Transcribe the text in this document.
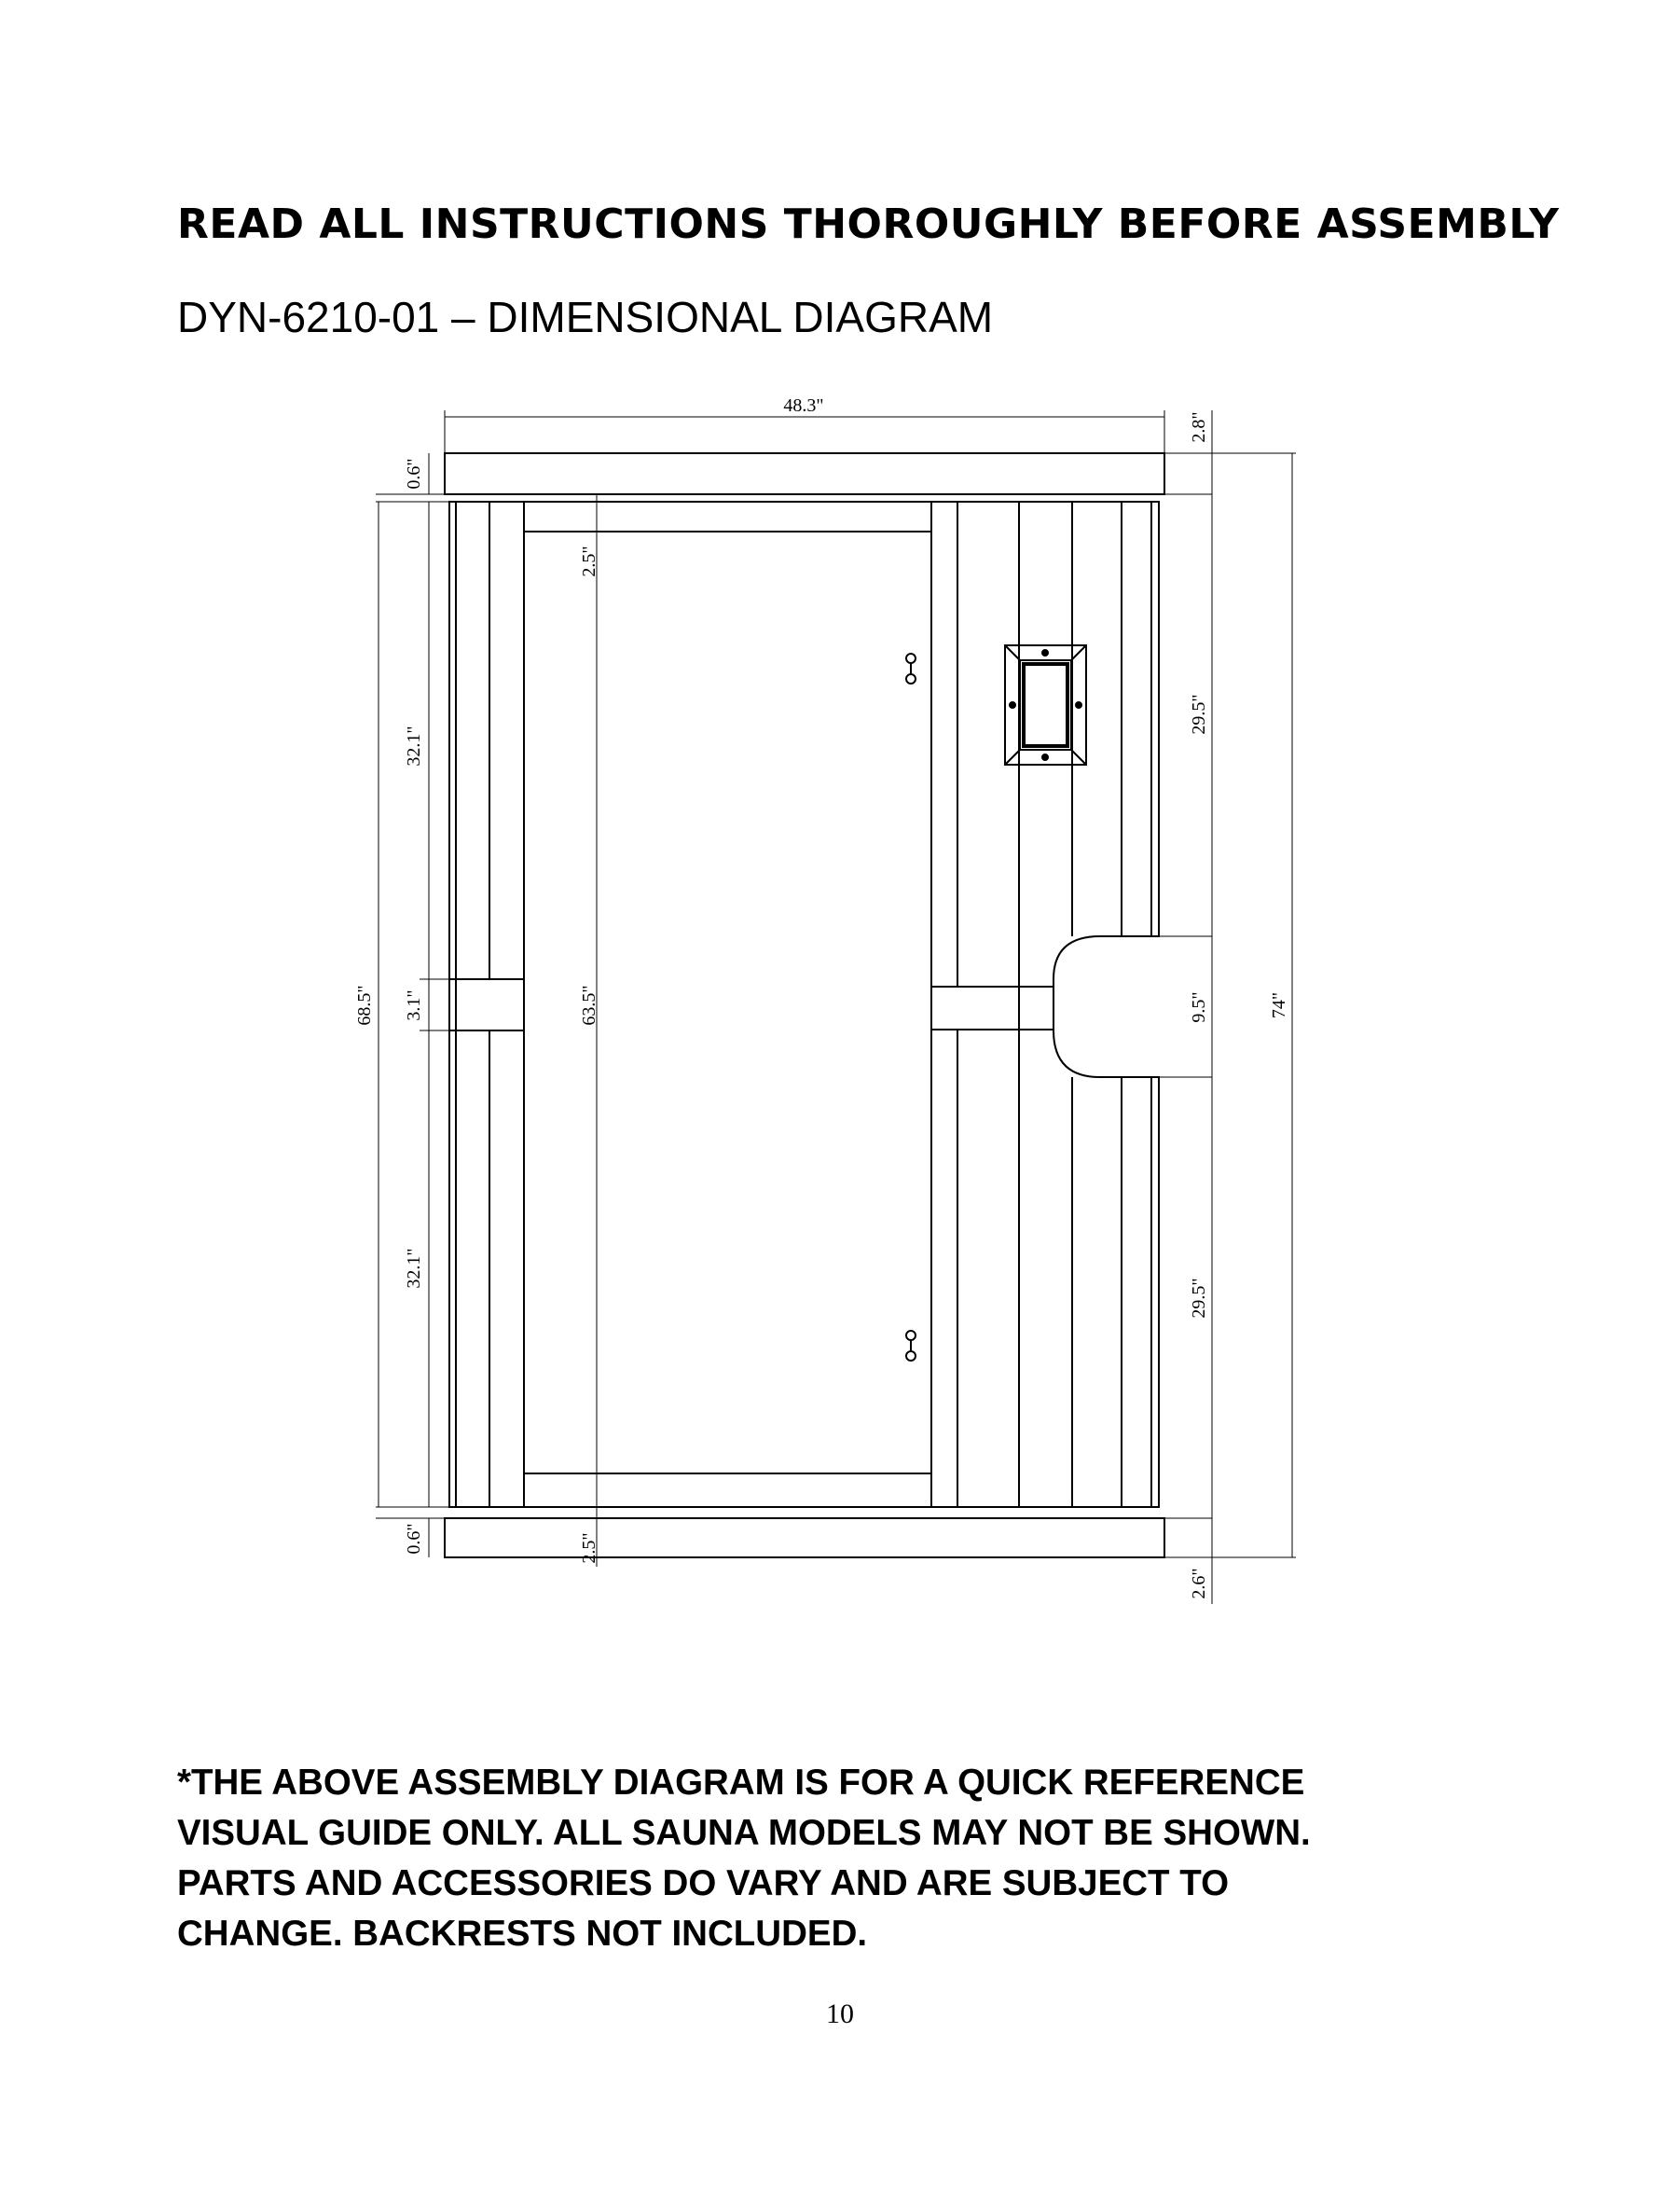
READ ALL INSTRUCTIONS THOROUGHLY BEFORE ASSEMBLY
DYN-6210-01 – DIMENSIONAL DIAGRAM
48.3"
0.6"
2.8"
32.1"
3.1"
32.1"
68.5"
0.6"
2.5"
63.5"
2.5"
29.5"
9.5"
29.5"
2.6"
74"
*THE ABOVE ASSEMBLY DIAGRAM IS FOR A QUICK REFERENCE
VISUAL GUIDE ONLY. ALL SAUNA MODELS MAY NOT BE SHOWN.
PARTS AND ACCESSORIES DO VARY AND ARE SUBJECT TO
CHANGE. BACKRESTS NOT INCLUDED.
10
